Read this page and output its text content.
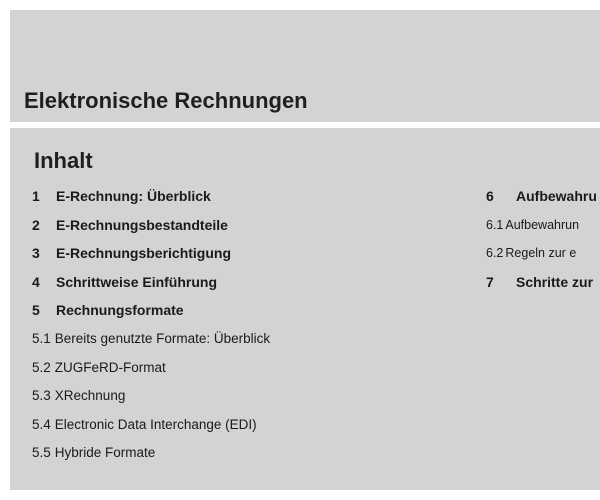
Elektronische Rechnungen
Inhalt
1 E-Rechnung: Überblick
2 E-Rechnungsbestandteile
3 E-Rechnungsberichtigung
4 Schrittweise Einführung
5 Rechnungsformate
5.1 Bereits genutzte Formate: Überblick
5.2 ZUGFeRD-Format
5.3 XRechnung
5.4 Electronic Data Interchange (EDI)
5.5 Hybride Formate
6 Aufbewahru
6.1 Aufbewahrun
6.2 Regeln zur e
7 Schritte zur
